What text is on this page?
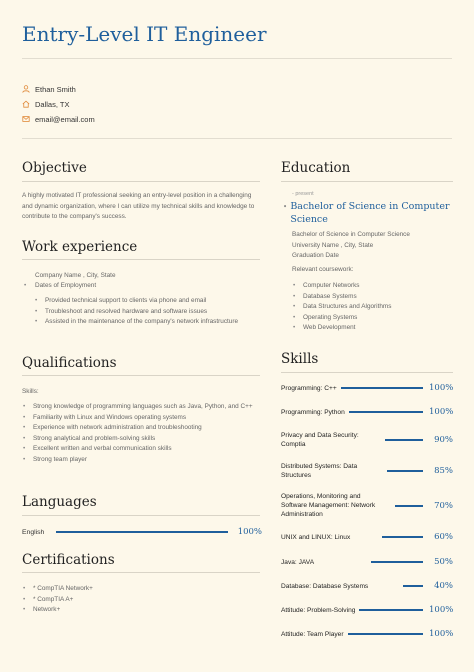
Entry-Level IT Engineer
Ethan Smith
Dallas, TX
email@email.com
Objective
A highly motivated IT professional seeking an entry-level position in a challenging and dynamic organization, where I can utilize my technical skills and knowledge to contribute to the company's success.
Work experience
Company Name , City, State
• Dates of Employment
• Provided technical support to clients via phone and email
• Troubleshoot and resolved hardware and software issues
• Assisted in the maintenance of the company's network infrastructure
Qualifications
Skills:
• Strong knowledge of programming languages such as Java, Python, and C++
• Familiarity with Linux and Windows operating systems
• Experience with network administration and troubleshooting
• Strong analytical and problem-solving skills
• Excellent written and verbal communication skills
• Strong team player
Languages
English	100%
Certifications
• * CompTIA Network+
• * CompTIA A+
• Network+
Education
- present
• Bachelor of Science in Computer Science
Bachelor of Science in Computer Science
University Name , City, State
Graduation Date
Relevant coursework:
• Computer Networks
• Database Systems
• Data Structures and Algorithms
• Operating Systems
• Web Development
Skills
Programming: C++	100%
Programming: Python	100%
Privacy and Data Security: Comptia	90%
Distributed Systems: Data Structures	85%
Operations, Monitoring and Software Management: Network Administration
70%
UNIX and LINUX: Linux	60%
Java: JAVA	50%
Database: Database Systems	40%
Attitude: Problem-Solving	100%
Attitude: Team Player	100%
